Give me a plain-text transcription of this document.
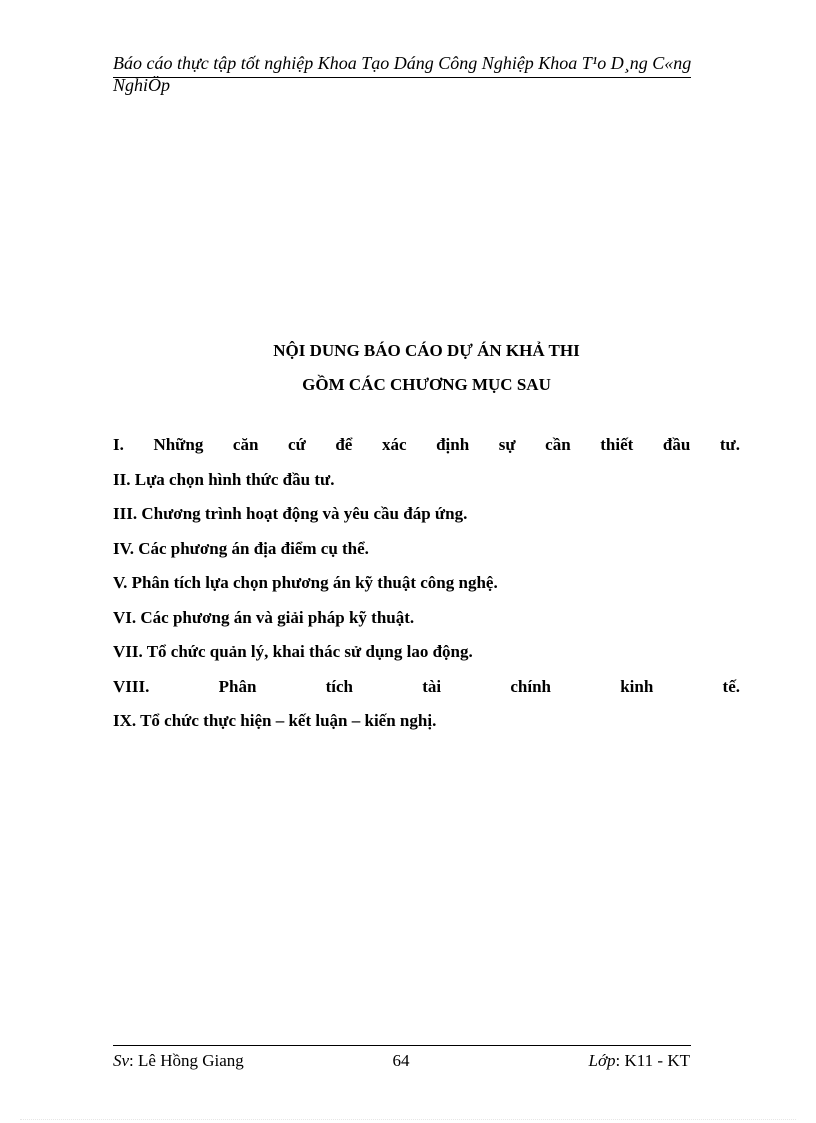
Báo cáo thực tập tốt nghiệp Khoa Tạo Dáng Công Nghiệp Khoa T¹o D¸ng C«ng NghiÖp
NỘI DUNG BÁO CÁO DỰ ÁN KHẢ THI
GỒM CÁC CHƯƠNG MỤC SAU
I. Những căn cứ để xác định sự cần thiết đầu tư.
II. Lựa chọn hình thức đầu tư.
III. Chương trình hoạt động và yêu cầu đáp ứng.
IV. Các phương án địa điểm cụ thể.
V. Phân tích lựa chọn phương án kỹ thuật công nghệ.
VI. Các phương án và giải pháp kỹ thuật.
VII. Tổ chức quản lý, khai thác sử dụng lao động.
VIII. Phân tích tài chính kinh tế.
IX. Tổ chức thực hiện – kết luận – kiến nghị.
Sv: Lê Hồng Giang	64	Lớp: K11 - KT
